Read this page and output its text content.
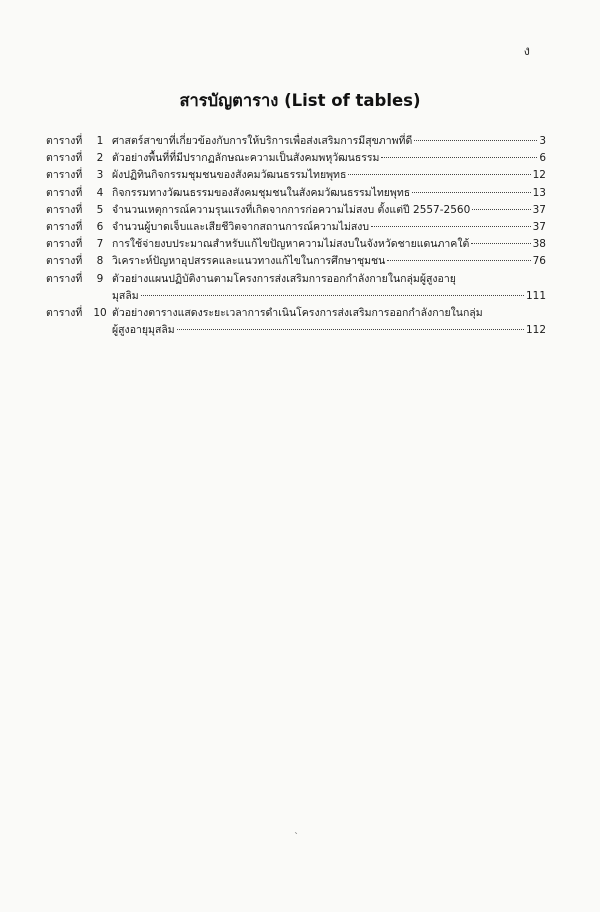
ง
สารบัญตาราง (List of tables)
ตารางที่	1 ศาสตร์สาขาที่เกี่ยวข้องกับการให้บริการเพื่อส่งเสริมการมีสุขภาพที่ดี	3
ตารางที่	2 ตัวอย่างพื้นที่ที่มีปรากฏลักษณะความเป็นสังคมพหุวัฒนธรรม	6
ตารางที่	3 ผังปฏิทินกิจกรรมชุมชนของสังคมวัฒนธรรมไทยพุทธ	12
ตารางที่	4 กิจกรรมทางวัฒนธรรมของสังคมชุมชนในสังคมวัฒนธรรมไทยพุทธ	13
ตารางที่	5 จำนวนเหตุการณ์ความรุนแรงที่เกิดจากการก่อความไม่สงบ ตั้งแต่ปี 2557-2560	37
ตารางที่	6 จำนวนผู้บาดเจ็บและเสียชีวิตจากสถานการณ์ความไม่สงบ	37
ตารางที่	7 การใช้จ่ายงบประมาณสำหรับแก้ไขปัญหาความไม่สงบในจังหวัดชายแดนภาคใต้	38
ตารางที่	8 วิเคราะห์ปัญหาอุปสรรคและแนวทางแก้ไขในการศึกษาชุมชน	76
ตารางที่	9 ตัวอย่างแผนปฏิบัติงานตามโครงการส่งเสริมการออกกำลังกายในกลุ่มผู้สูงอายุ
มุสลิม	111
ตารางที่	10 ตัวอย่างตารางแสดงระยะเวลาการดำเนินโครงการส่งเสริมการออกกำลังกายในกลุ่ม
ผู้สูงอายุมุสลิม	112
ˋ
